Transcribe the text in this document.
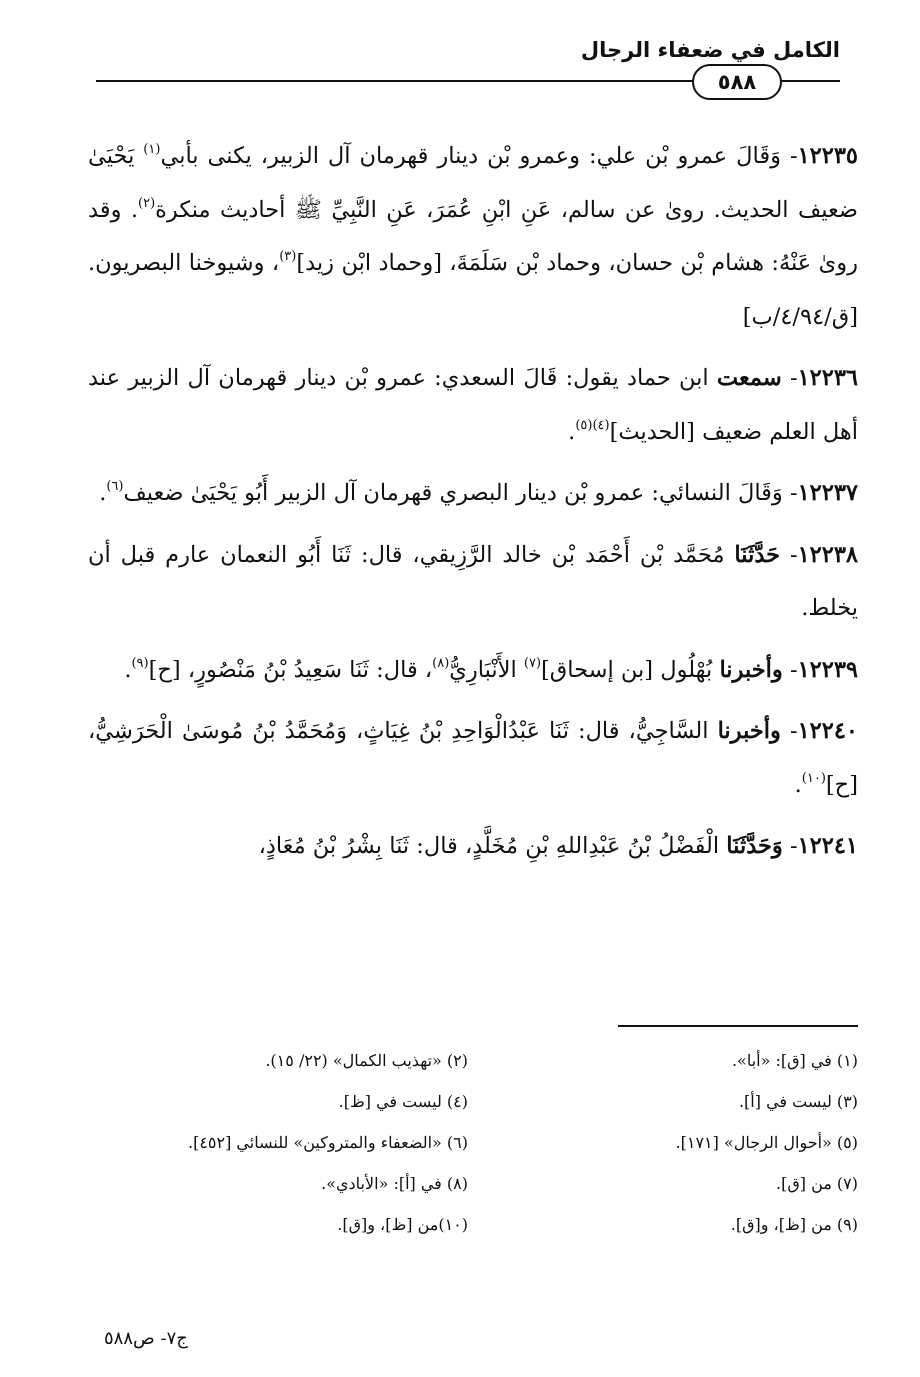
الكامل في ضعفاء الرجال
٥٨٨

١٢٢٣٥- وَقَالَ عمرو بْن علي: وعمرو بْن دينار قهرمان آل الزبير، يكنى بأبي$^{(١)}$ يَحْيَىٰ ضعيف الحديث. روىٰ عن سالم، عَنِ ابْنِ عُمَرَ، عَنِ النَّبِيِّ ﷺ أحاديث منكرة$^{(٢)}$. وقد روىٰ عَنْهُ: هشام بْن حسان، وحماد بْن سَلَمَةَ، [وحماد ابْن زيد]$^{(٣)}$، وشيوخنا البصريون. [ق/٤/٩٤/ب]

١٢٢٣٦- سمعت ابن حماد يقول: قَالَ السعدي: عمرو بْن دينار قهرمان آل الزبير عند أهل العلم ضعيف [الحديث]$^{(٤)(٥)}$.

١٢٢٣٧- وَقَالَ النسائي: عمرو بْن دينار البصري قهرمان آل الزبير أَبُو يَحْيَىٰ ضعيف$^{(٦)}$.

١٢٢٣٨- حَدَّثَنَا مُحَمَّد بْن أَحْمَد بْن خالد الرَّزِيقي، قال: ثَنَا أَبُو النعمان عارم قبل أن يخلط.

١٢٢٣٩- وأخبرنا بُهْلُول [بن إسحاق]$^{(٧)}$ الأَنْبَارِيُّ$^{(٨)}$، قال: ثَنَا سَعِيدُ بْنُ مَنْصُورٍ، [ح]$^{(٩)}$.

١٢٢٤٠- وأخبرنا السَّاجِيُّ، قال: ثَنَا عَبْدُالْوَاحِدِ بْنُ غِيَاثٍ، وَمُحَمَّدُ بْنُ مُوسَىٰ الْحَرَشِيُّ، [ح]$^{(١٠)}$.

١٢٢٤١- وَحَدَّثَنَا الْفَضْلُ بْنُ عَبْدِاللهِ بْنِ مُخَلَّدٍ، قال: ثَنَا بِشْرُ بْنُ مُعَاذٍ،

(١) في [ق]: «أبا».
(٢) «تهذيب الكمال» (٢٢/ ١٥).
(٣) ليست في [أ].
(٤) ليست في [ظ].
(٥) «أحوال الرجال» [١٧١].
(٦) «الضعفاء والمتروكين» للنسائي [٤٥٢].
(٧) من [ق].
(٨) في [أ]: «الأبادي».
(٩) من [ظ]، و[ق].
(١٠)من [ظ]، و[ق].
ج٧- ص٥٨٨
